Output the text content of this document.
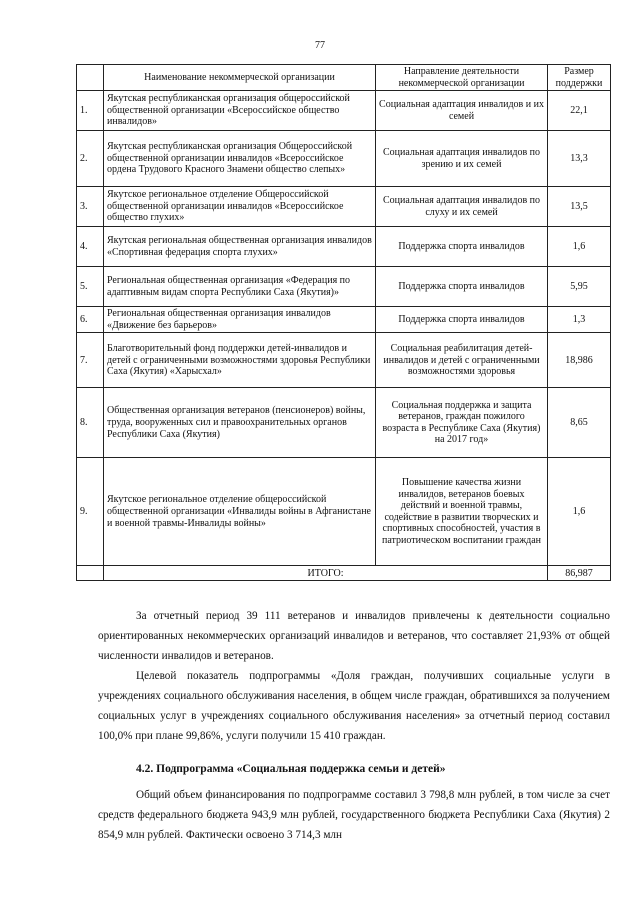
77
	Наименование некоммерческой организации	Направление деятельности некоммерческой организации	Размер поддержки
1.	Якутская республиканская организация общероссийской общественной организации «Всероссийское общество инвалидов»	Социальная адаптация инвалидов и их семей	22,1
2.	Якутская республиканская организация Общероссийской общественной организации инвалидов «Всероссийское ордена Трудового Красного Знамени общество слепых»	Социальная адаптация инвалидов по зрению и их семей	13,3
3.	Якутское региональное отделение Общероссийской общественной организации инвалидов «Всероссийское общество глухих»	Социальная адаптация инвалидов по слуху и их семей	13,5
4.	Якутская региональная общественная организация инвалидов «Спортивная федерация спорта глухих»	Поддержка спорта инвалидов	1,6
5.	Региональная общественная организация «Федерация по адаптивным видам спорта Республики Саха (Якутия)»	Поддержка спорта инвалидов	5,95
6.	Региональная общественная организация инвалидов «Движение без барьеров»	Поддержка спорта инвалидов	1,3
7.	Благотворительный фонд поддержки детей-инвалидов и детей с ограниченными возможностями здоровья Республики Саха (Якутия) «Харысхал»	Социальная реабилитация детей-инвалидов и детей с ограниченными возможностями здоровья	18,986
8.	Общественная организация ветеранов (пенсионеров) войны, труда, вооруженных сил и правоохранительных органов Республики Саха (Якутия)	Социальная поддержка и защита ветеранов, граждан пожилого возраста в Республике Саха (Якутия) на 2017 год»	8,65
9.	Якутское региональное отделение общероссийской общественной организации «Инвалиды войны в Афганистане и военной травмы-Инвалиды войны»	Повышение качества жизни инвалидов, ветеранов боевых действий и военной травмы, содействие в развитии творческих и спортивных способностей, участия в патриотическом воспитании граждан	1,6
	ИТОГО:		86,987

За отчетный период 39 111 ветеранов и инвалидов привлечены к деятельности социально ориентированных некоммерческих организаций инвалидов и ветеранов, что составляет 21,93% от общей численности инвалидов и ветеранов.

Целевой показатель подпрограммы «Доля граждан, получивших социальные услуги в учреждениях социального обслуживания населения, в общем числе граждан, обратившихся за получением социальных услуг в учреждениях социального обслуживания населения» за отчетный период составил 100,0% при плане 99,86%, услуги получили 15 410 граждан.

4.2. Подпрограмма «Социальная поддержка семьи и детей»

Общий объем финансирования по подпрограмме составил 3 798,8 млн рублей, в том числе за счет средств федерального бюджета 943,9 млн рублей, государственного бюджета Республики Саха (Якутия) 2 854,9 млн рублей. Фактически освоено 3 714,3 млн
